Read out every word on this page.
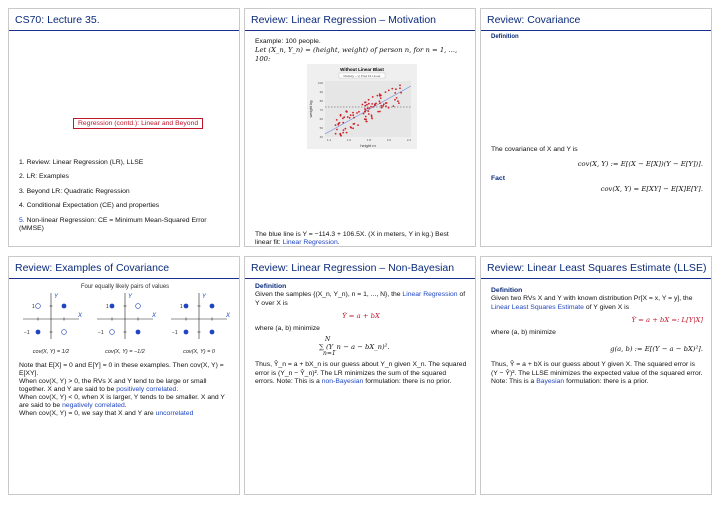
CS70: Lecture 35.
Regression (contd.): Linear and Beyond
1. Review: Linear Regression (LR), LLSE
2. LR: Examples
3. Beyond LR: Quadratic Regression
4. Conditional Expectation (CE) and properties
5. Non-linear Regression: CE = Minimum Mean-Squared Error (MMSE)
Review: Linear Regression – Motivation
Example: 100 people.
Let (X_n, Y_n) = (height, weight) of person n, for n = 1, ..., 100:
Without Linear Blast
Model(y ~ x) Pred Fit Linear
100
90
80
70
60
50
40
1.4	1.6	1.8	2.0	2.2
weight kg
height m
The blue line is Y = −114.3 + 106.5X. (X in meters, Y in kg.) Best linear fit: Linear Regression.
Review: Covariance
Definition
The covariance of X and Y is
cov(X, Y) := E[(X − E[X])(Y − E[Y])].
Fact
cov(X, Y) = E[XY] − E[X]E[Y].
Review: Examples of Covariance
Four equally likely pairs of values
X
Y
1
−1
cov(X, Y) = 1/2
X
Y
1
−1
cov(X, Y) = −1/2
X
Y
1
−1
cov(X, Y) = 0
Note that E[X] = 0 and E[Y] = 0 in these examples. Then cov(X, Y) = E[XY].
When cov(X, Y) > 0, the RVs X and Y tend to be large or small together. X and Y are said to be positively correlated.
When cov(X, Y) < 0, when X is larger, Y tends to be smaller. X and Y are said to be negatively correlated.
When cov(X, Y) = 0, we say that X and Y are uncorrelated
Review: Linear Regression – Non-Bayesian
Definition
Given the samples {(X_n, Y_n), n = 1, ..., N}, the Linear Regression of Y over X is
Ŷ = a + bX
where (a, b) minimize
N
∑ (Y_n − a − bX_n)².
n=1
Thus, Ŷ_n = a + bX_n is our guess about Y_n given X_n. The squared error is (Y_n − Ŷ_n)². The LR minimizes the sum of the squared errors. Note: This is a non-Bayesian formulation: there is no prior.
Review: Linear Least Squares Estimate (LLSE)
Definition
Given two RVs X and Y with known distribution Pr[X = x, Y = y], the Linear Least Squares Estimate of Y given X is
Ŷ = a + bX =: L[Y|X]
where (a, b) minimize
g(a, b) := E[(Y − a − bX)²].
Thus, Ŷ = a + bX is our guess about Y given X. The squared error is (Y − Ŷ)². The LLSE minimizes the expected value of the squared error. Note: This is a Bayesian formulation: there is a prior.
